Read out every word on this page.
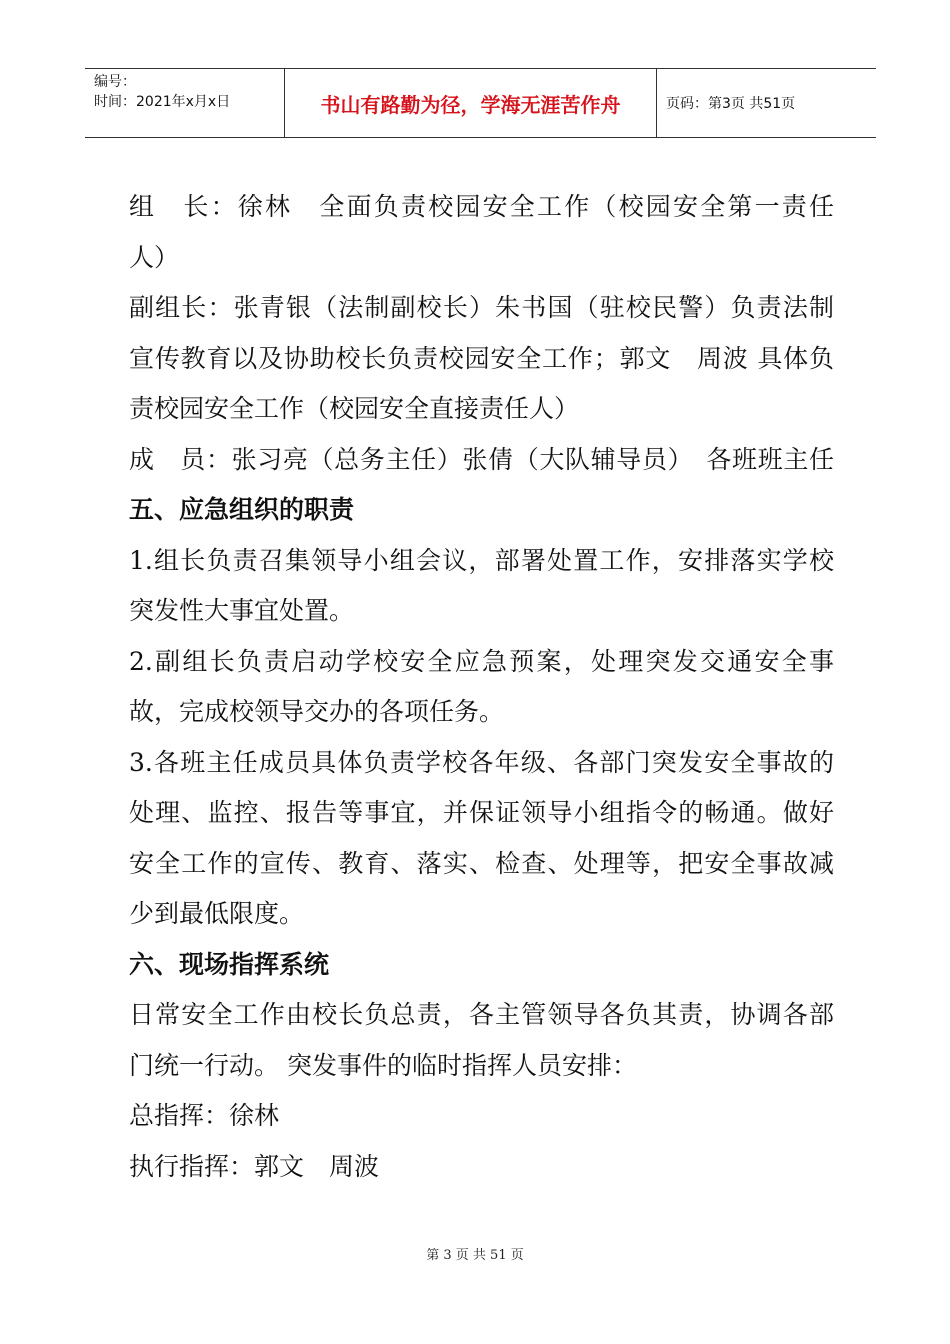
编号：
时间：2021年x月x日	书山有路勤为径，学海无涯苦作舟	页码：第3页 共51页

组　长：徐林　全面负责校园安全工作（校园安全第一责任

人）

副组长：张青银（法制副校长）朱书国（驻校民警）负责法制

宣传教育以及协助校长负责校园安全工作；郭文　周波 具体负

责校园安全工作（校园安全直接责任人）

成　员：张习亮（总务主任）张倩（大队辅导员）　各班班主任

五、应急组织的职责

1.组长负责召集领导小组会议，部署处置工作，安排落实学校

突发性大事宜处置。

2.副组长负责启动学校安全应急预案，处理突发交通安全事

故，完成校领导交办的各项任务。

3.各班主任成员具体负责学校各年级、各部门突发安全事故的

处理、监控、报告等事宜，并保证领导小组指令的畅通。做好

安全工作的宣传、教育、落实、检查、处理等，把安全事故减

少到最低限度。

六、现场指挥系统

日常安全工作由校长负总责，各主管领导各负其责，协调各部

门统一行动。 突发事件的临时指挥人员安排：

总指挥：徐林

执行指挥：郭文　周波

第 3 页 共 51 页
